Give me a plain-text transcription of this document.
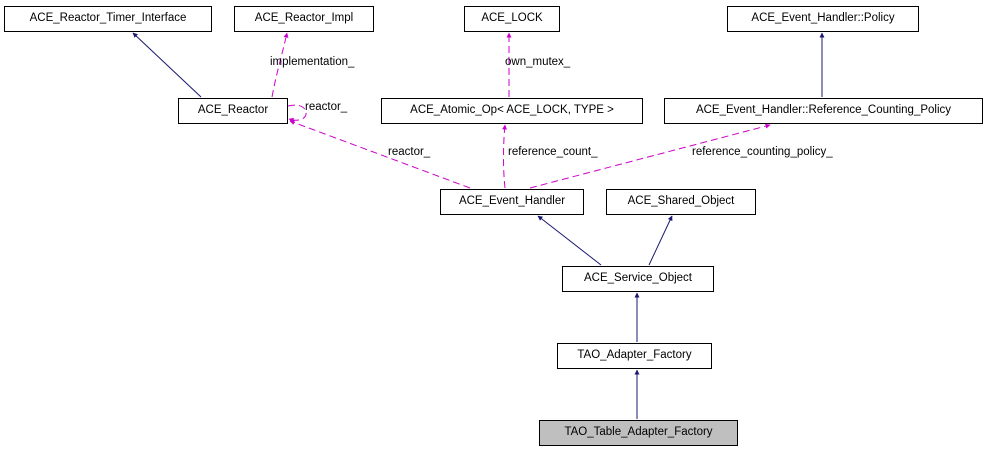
ACE_Reactor_Timer_Interface	ACE_Reactor_Impl	ACE_LOCK	ACE_Event_Handler::Policy
ACE_Reactor	ACE_Atomic_Op< ACE_LOCK, TYPE >	ACE_Event_Handler::Reference_Counting_Policy
ACE_Event_Handler	ACE_Shared_Object
ACE_Service_Object
TAO_Adapter_Factory
TAO_Table_Adapter_Factory
implementation_
reactor_
own_mutex_
reactor_	reference_count_	reference_counting_policy_
